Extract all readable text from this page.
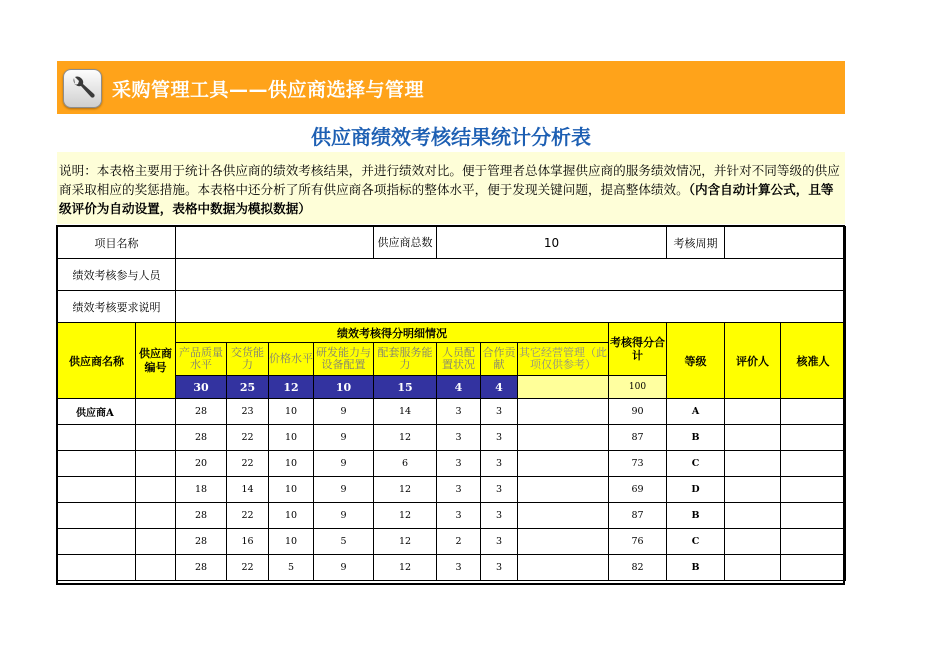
采购管理工具——供应商选择与管理
供应商绩效考核结果统计分析表
说明：本表格主要用于统计各供应商的绩效考核结果，并进行绩效对比。便于管理者总体掌握供应商的服务绩效情况，并针对不同等级的供应商采取相应的奖惩措施。本表格中还分析了所有供应商各项指标的整体水平，便于发现关键问题，提高整体绩效。（内含自动计算公式，且等级评价为自动设置，表格中数据为模拟数据）
项目名称						供应商总数	10				考核周期		
绩效考核参与人员													
绩效考核要求说明													
供应商名称	供应商编号	绩效考核得分明细情况								考核得分合计	等级	评价人	核准人
		产品质量水平	交货能力	价格水平	研发能力与设备配置	配套服务能力	人员配置状况	合作贡献	其它经营管理（此项仅供参考）				
		30	25	12	10	15	4	4		100			
供应商A		28	23	10	9	14	3	3		90	A		
		28	22	10	9	12	3	3		87	B		
		20	22	10	9	6	3	3		73	C		
		18	14	10	9	12	3	3		69	D		
		28	22	10	9	12	3	3		87	B		
		28	16	10	5	12	2	3		76	C		
		28	22	5	9	12	3	3		82	B		
